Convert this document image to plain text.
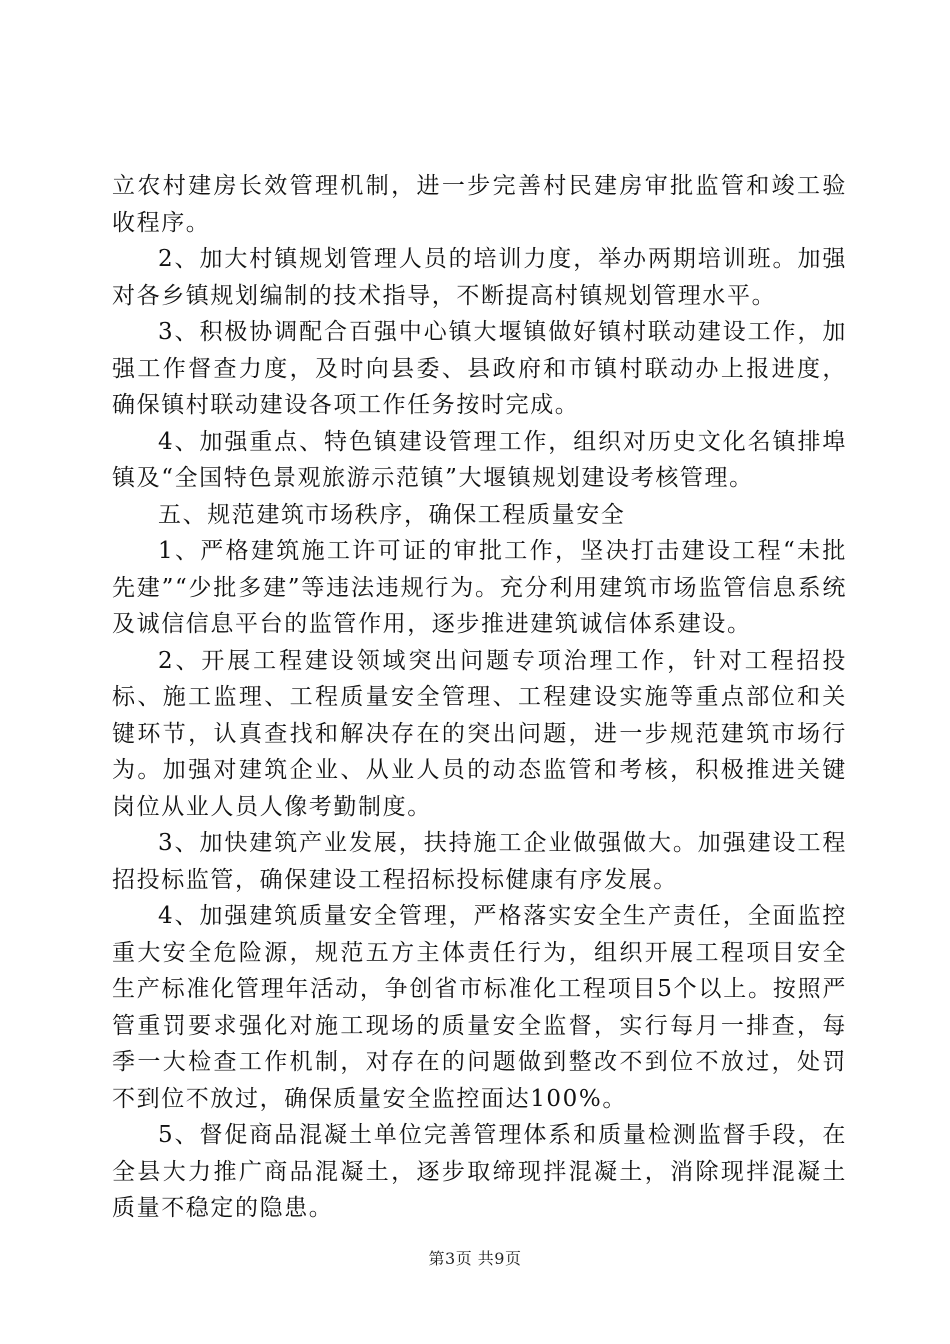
立农村建房长效管理机制，进一步完善村民建房审批监管和竣工验收程序。

2、加大村镇规划管理人员的培训力度，举办两期培训班。加强对各乡镇规划编制的技术指导，不断提高村镇规划管理水平。

3、积极协调配合百强中心镇大堰镇做好镇村联动建设工作，加强工作督查力度，及时向县委、县政府和市镇村联动办上报进度，确保镇村联动建设各项工作任务按时完成。

4、加强重点、特色镇建设管理工作，组织对历史文化名镇排埠镇及“全国特色景观旅游示范镇”大堰镇规划建设考核管理。

五、规范建筑市场秩序，确保工程质量安全

1、严格建筑施工许可证的审批工作，坚决打击建设工程“未批先建”“少批多建”等违法违规行为。充分利用建筑市场监管信息系统及诚信信息平台的监管作用，逐步推进建筑诚信体系建设。

2、开展工程建设领域突出问题专项治理工作，针对工程招投标、施工监理、工程质量安全管理、工程建设实施等重点部位和关键环节，认真查找和解决存在的突出问题，进一步规范建筑市场行为。加强对建筑企业、从业人员的动态监管和考核，积极推进关键岗位从业人员人像考勤制度。

3、加快建筑产业发展，扶持施工企业做强做大。加强建设工程招投标监管，确保建设工程招标投标健康有序发展。

4、加强建筑质量安全管理，严格落实安全生产责任，全面监控重大安全危险源，规范五方主体责任行为，组织开展工程项目安全生产标准化管理年活动，争创省市标准化工程项目5个以上。按照严管重罚要求强化对施工现场的质量安全监督，实行每月一排查，每季一大检查工作机制，对存在的问题做到整改不到位不放过，处罚不到位不放过，确保质量安全监控面达100%。

5、督促商品混凝土单位完善管理体系和质量检测监督手段，在全县大力推广商品混凝土，逐步取缔现拌混凝土，消除现拌混凝土质量不稳定的隐患。

第3页 共9页
